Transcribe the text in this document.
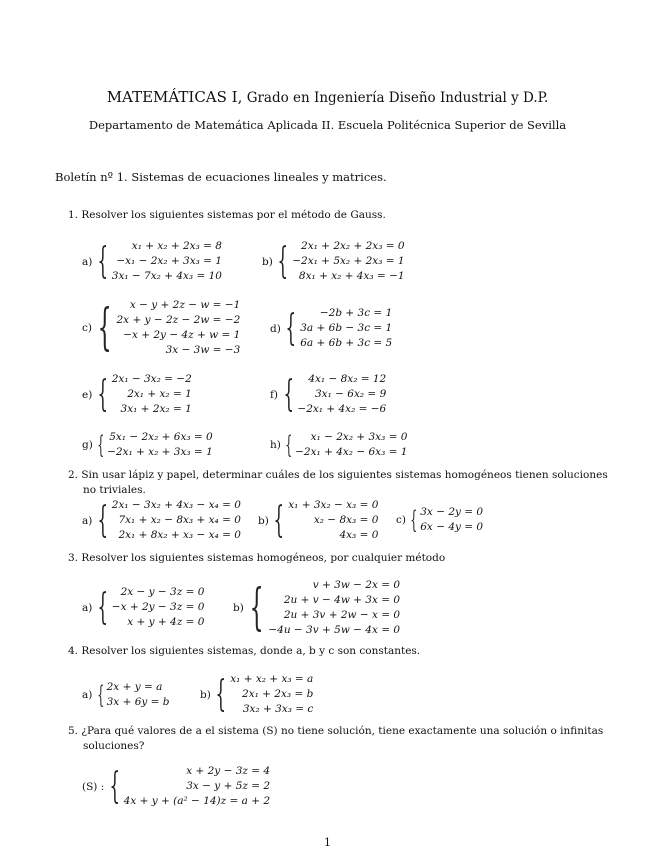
MATEMÁTICAS I, Grado en Ingeniería Diseño Industrial y D.P.
Departamento de Matemática Aplicada II. Escuela Politécnica Superior de Sevilla
Boletín nº 1. Sistemas de ecuaciones lineales y matrices.
1. Resolver los siguientes sistemas por el método de Gauss.
a) {	x₁ + x₂ + 2x₃ = 8
−x₁ − 2x₂ + 3x₃ = 1
3x₁ − 7x₂ + 4x₃ = 10
b) {	2x₁ + 2x₂ + 2x₃ = 0
−2x₁ + 5x₂ + 2x₃ = 1
8x₁ + x₂ + 4x₃ = −1
c) {	x − y + 2z − w = −1
2x + y − 2z − 2w = −2
−x + 2y − 4z + w = 1
3x − 3w = −3
d) {	−2b + 3c = 1
3a + 6b − 3c = 1
6a + 6b + 3c = 5
e) { 2x₁ − 3x₂ = −2
2x₁ + x₂ = 1
3x₁ + 2x₂ = 1
f) {	4x₁ − 8x₂ = 12
3x₁ − 6x₂ = 9
−2x₁ + 4x₂ = −6
g) { 5x₁ − 2x₂ + 6x₃ = 0
−2x₁ + x₂ + 3x₃ = 1
h) {	x₁ − 2x₂ + 3x₃ = 0
−2x₁ + 4x₂ − 6x₃ = 1
2. Sin usar lápiz y papel, determinar cuáles de los siguientes sistemas homogéneos tienen soluciones
no triviales.
a) { 2x₁ − 3x₂ + 4x₃ − x₄ = 0
7x₁ + x₂ − 8x₃ + x₄ = 0
2x₁ + 8x₂ + x₃ − x₄ = 0
b) { x₁ + 3x₂ − x₃ = 0
x₂ − 8x₃ = 0
4x₃ = 0
c) { 3x − 2y = 0
6x − 4y = 0
3. Resolver los siguientes sistemas homogéneos, por cualquier método
a) {	2x − y − 3z = 0
−x + 2y − 3z = 0
x + y + 4z = 0
b) {	v + 3w − 2x = 0
2u + v − 4w + 3x = 0
2u + 3v + 2w − x = 0
−4u − 3v + 5w − 4x = 0
4. Resolver los siguientes sistemas, donde a, b y c son constantes.
a) { 2x + y = a
3x + 6y = b
b) { x₁ + x₂ + x₃ = a
2x₁ + 2x₃ = b
3x₂ + 3x₃ = c
5. ¿Para qué valores de a el sistema (S) no tiene solución, tiene exactamente una solución o infinitas
soluciones?
(S) : {	x + 2y − 3z = 4
3x − y + 5z = 2
4x + y + (a² − 14)z = a + 2
1
